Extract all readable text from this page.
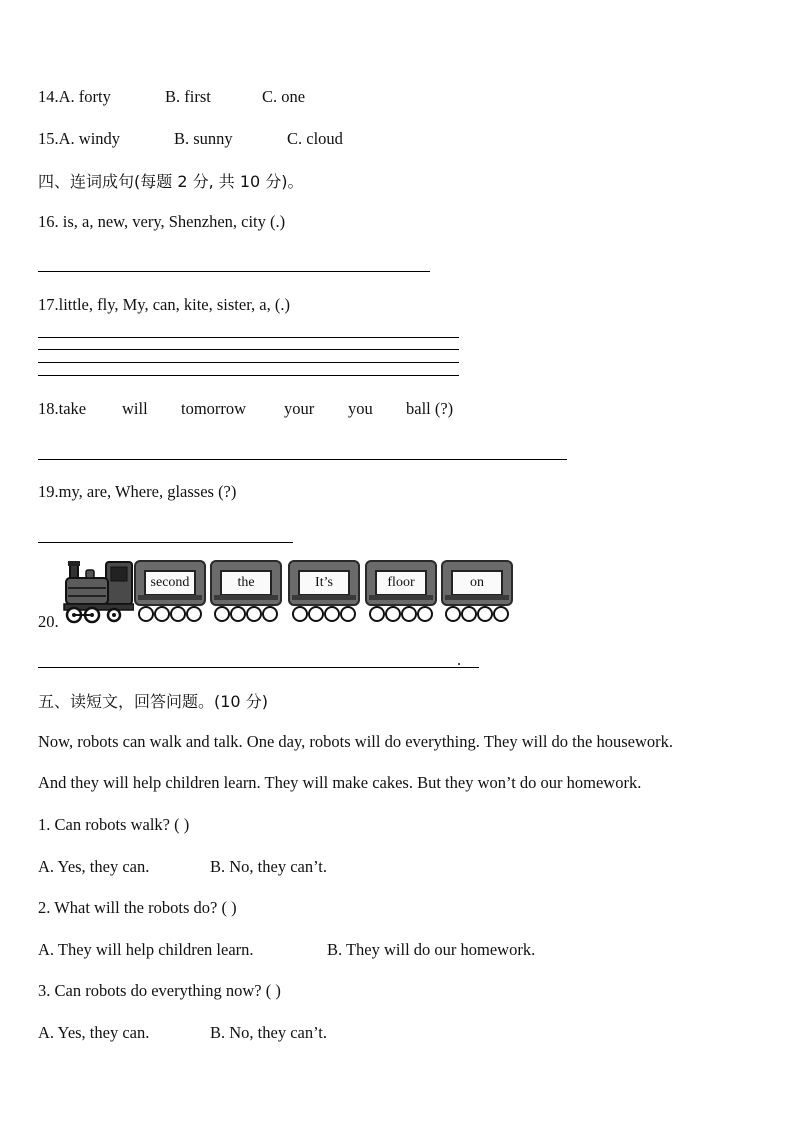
14.A. forty	B. first	C. one
15.A. windy	B. sunny	C. cloud
四、连词成句(每题 2 分, 共 10 分)。
16. is, a, new, very, Shenzhen, city (.)
17.little, fly, My, can, kite, sister, a, (.)
18.take will tomorrow your you ball (?)
19.my, are, Where, glasses (?)
20.
second	the	It’s	floor	on
.
五、读短文，回答问题。(10 分)
Now, robots can walk and talk. One day, robots will do everything. They will do the housework.
And they will help children learn. They will make cakes. But they won’t do our homework.
1. Can robots walk? ( )
A. Yes, they can.	B. No, they can’t.
2. What will the robots do? ( )
A. They will help children learn.	B. They will do our homework.
3. Can robots do everything now? ( )
A. Yes, they can.	B. No, they can’t.
